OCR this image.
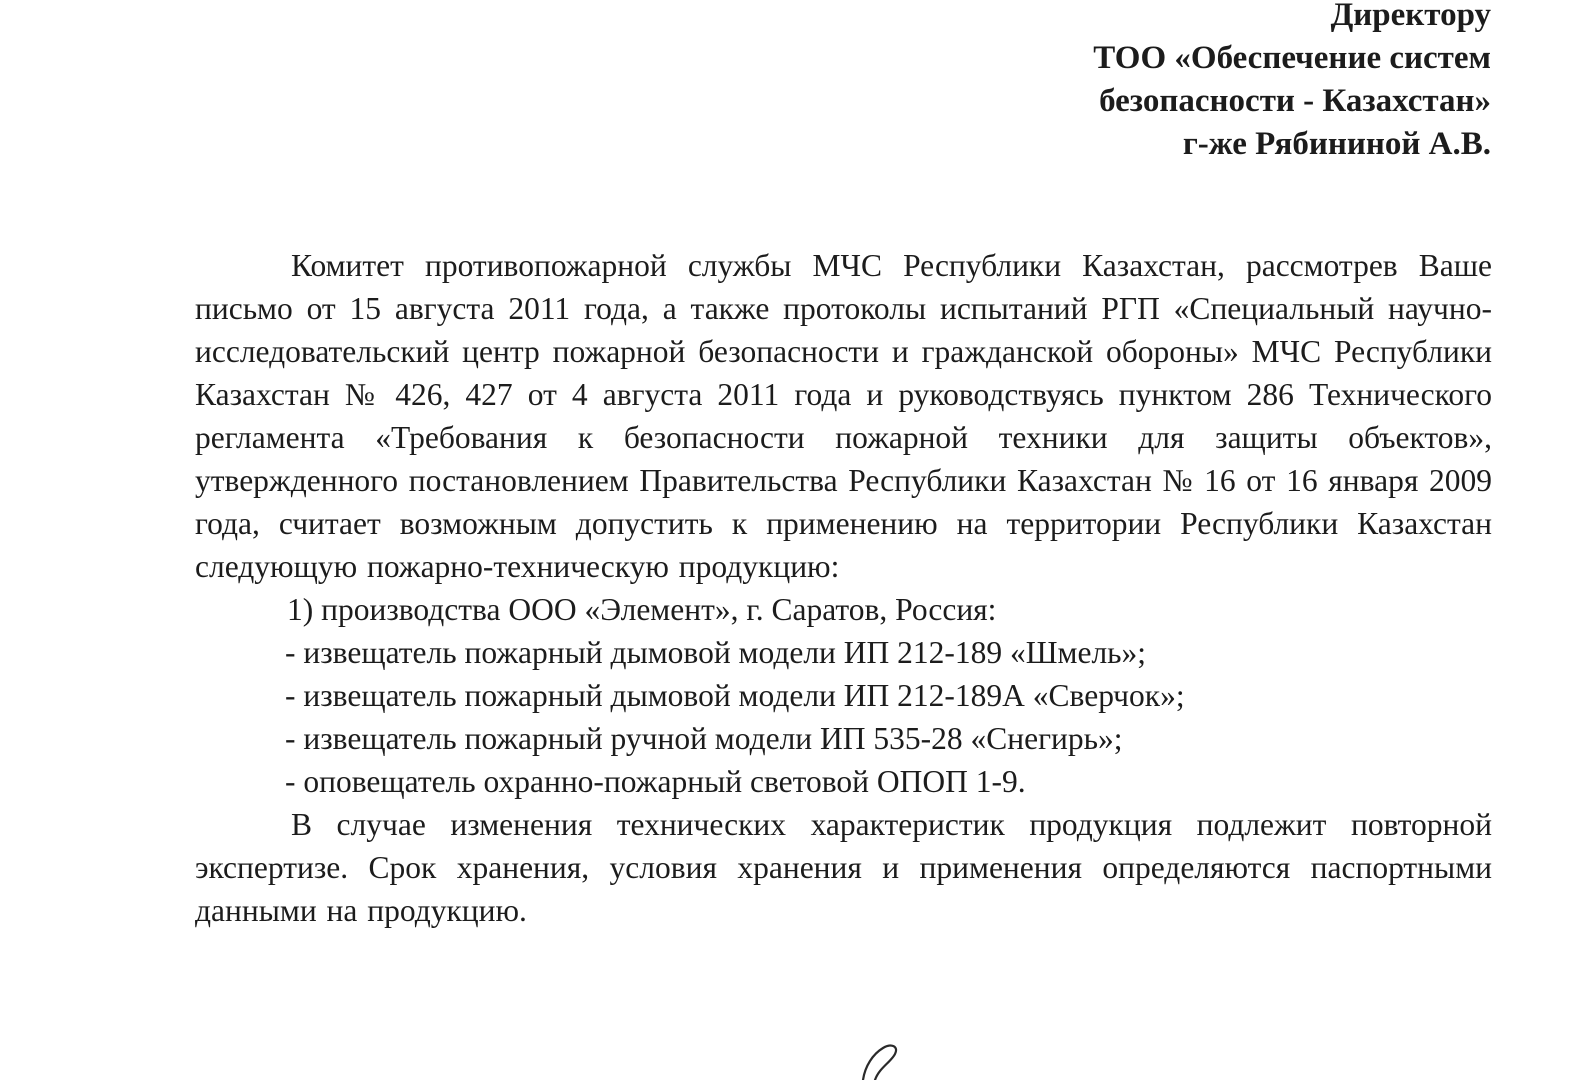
Директору
ТОО «Обеспечение систем
безопасности - Казахстан»
г-же Рябининой А.В.

Комитет противопожарной службы МЧС Республики Казахстан, рассмотрев Ваше письмо от 15 августа 2011 года, а также протоколы испытаний РГП «Специальный научно-исследовательский центр пожарной безопасности и гражданской обороны» МЧС Республики Казахстан № 426, 427 от 4 августа 2011 года и руководствуясь пунктом 286 Технического регламента «Требования к безопасности пожарной техники для защиты объектов», утвержденного постановлением Правительства Республики Казахстан № 16 от 16 января 2009 года, считает возможным допустить к применению на территории Республики Казахстан следующую пожарно-техническую продукцию:

1) производства ООО «Элемент», г. Саратов, Россия:

- извещатель пожарный дымовой модели ИП 212-189 «Шмель»;

- извещатель пожарный дымовой модели ИП 212-189А «Сверчок»;

- извещатель пожарный ручной модели ИП 535-28 «Снегирь»;

- оповещатель охранно-пожарный световой ОПОП 1-9.

В случае изменения технических характеристик продукция подлежит повторной экспертизе. Срок хранения, условия хранения и применения определяются паспортными данными на продукцию.
